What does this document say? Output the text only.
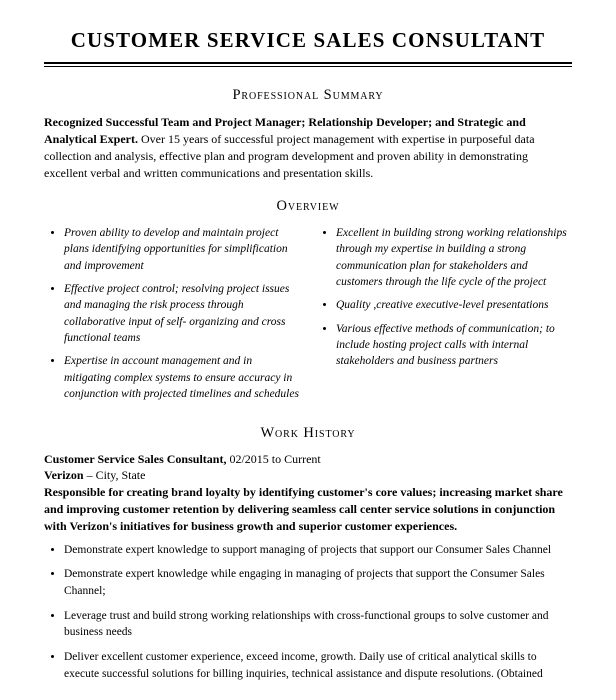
CUSTOMER SERVICE SALES CONSULTANT
Professional Summary
Recognized Successful Team and Project Manager; Relationship Developer; and Strategic and Analytical Expert. Over 15 years of successful project management with expertise in purposeful data collection and analysis, effective plan and program development and proven ability in demonstrating excellent verbal and written communications and presentation skills.
Overview
• Proven ability to develop and maintain project plans identifying opportunities for simplification and improvement
• Effective project control; resolving project issues and managing the risk process through collaborative input of self- organizing and cross functional teams
• Expertise in account management and in mitigating complex systems to ensure accuracy in conjunction with projected timelines and schedules
• Excellent in building strong working relationships through my expertise in building a strong communication plan for stakeholders and customers through the life cycle of the project
• Quality ,creative executive-level presentations
• Various effective methods of communication; to include hosting project calls with internal stakeholders and business partners
Work History
Customer Service Sales Consultant, 02/2015 to Current
Verizon – City, State
Responsible for creating brand loyalty by identifying customer's core values; increasing market share and improving customer retention by delivering seamless call center service solutions in conjunction with Verizon's initiatives for business growth and superior customer experiences.
• Demonstrate expert knowledge to support managing of projects that support our Consumer Sales Channel
• Demonstrate expert knowledge while engaging in managing of projects that support the Consumer Sales Channel;
• Leverage trust and build strong working relationships with cross-functional groups to solve customer and business needs
• Deliver excellent customer experience, exceed income, growth. Daily use of critical analytical skills to execute successful solutions for billing inquiries, technical assistance and dispute resolutions. (Obtained
